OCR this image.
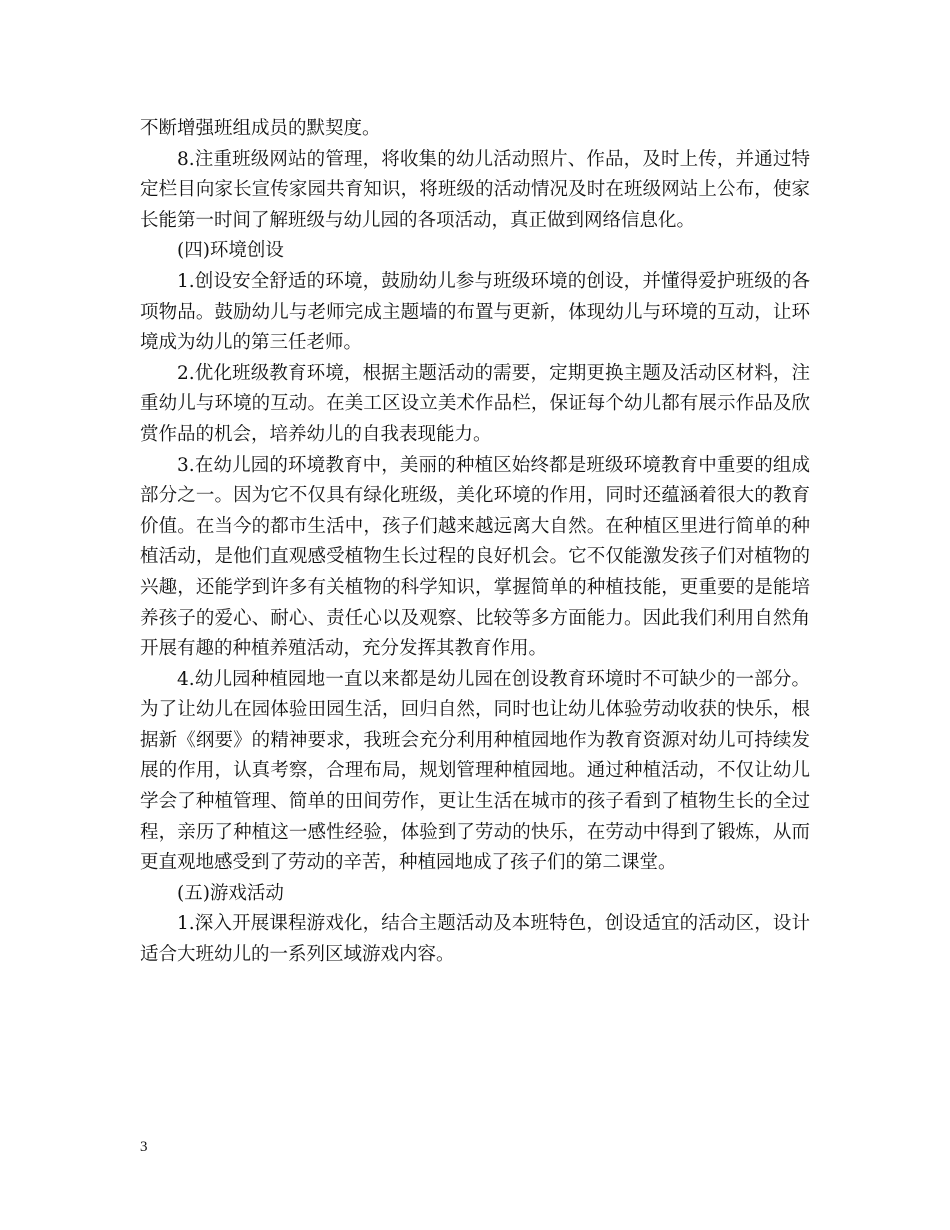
不断增强班组成员的默契度。

8.注重班级网站的管理，将收集的幼儿活动照片、作品，及时上传，并通过特定栏目向家长宣传家园共育知识，将班级的活动情况及时在班级网站上公布，使家长能第一时间了解班级与幼儿园的各项活动，真正做到网络信息化。

(四)环境创设

1.创设安全舒适的环境，鼓励幼儿参与班级环境的创设，并懂得爱护班级的各项物品。鼓励幼儿与老师完成主题墙的布置与更新，体现幼儿与环境的互动，让环境成为幼儿的第三任老师。

2.优化班级教育环境，根据主题活动的需要，定期更换主题及活动区材料，注重幼儿与环境的互动。在美工区设立美术作品栏，保证每个幼儿都有展示作品及欣赏作品的机会，培养幼儿的自我表现能力。

3.在幼儿园的环境教育中，美丽的种植区始终都是班级环境教育中重要的组成部分之一。因为它不仅具有绿化班级，美化环境的作用，同时还蕴涵着很大的教育价值。在当今的都市生活中，孩子们越来越远离大自然。在种植区里进行简单的种植活动，是他们直观感受植物生长过程的良好机会。它不仅能激发孩子们对植物的兴趣，还能学到许多有关植物的科学知识，掌握简单的种植技能，更重要的是能培养孩子的爱心、耐心、责任心以及观察、比较等多方面能力。因此我们利用自然角开展有趣的种植养殖活动，充分发挥其教育作用。

4.幼儿园种植园地一直以来都是幼儿园在创设教育环境时不可缺少的一部分。为了让幼儿在园体验田园生活，回归自然，同时也让幼儿体验劳动收获的快乐，根据新《纲要》的精神要求，我班会充分利用种植园地作为教育资源对幼儿可持续发展的作用，认真考察，合理布局，规划管理种植园地。通过种植活动，不仅让幼儿学会了种植管理、简单的田间劳作，更让生活在城市的孩子看到了植物生长的全过程，亲历了种植这一感性经验，体验到了劳动的快乐，在劳动中得到了锻炼，从而更直观地感受到了劳动的辛苦，种植园地成了孩子们的第二课堂。

(五)游戏活动

1.深入开展课程游戏化，结合主题活动及本班特色，创设适宜的活动区，设计适合大班幼儿的一系列区域游戏内容。

3
